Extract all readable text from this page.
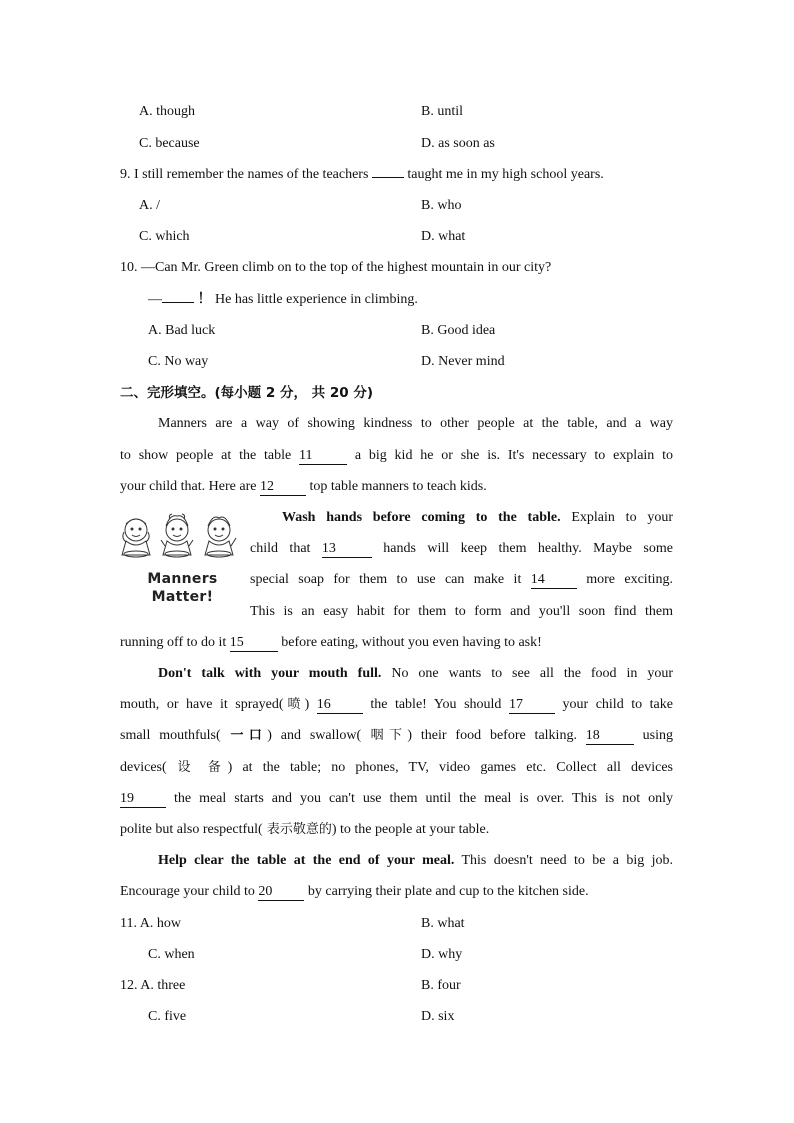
A. though	B. until
C. because	D. as soon as
9. I still remember the names of the teachers  taught me in my high school years.
A. /	B. who
C. which	D. what
10. —Can Mr. Green climb on to the top of the highest mountain in our city?
— ！ He has little experience in climbing.
A. Bad luck	B. Good idea
C. No way	D. Never mind
二、完形填空。(每小题 2 分， 共 20 分)
Manners are a way of showing kindness to other people at the table, and a way
to show people at the table 11 a big kid he or she is. It's necessary to explain to
your child that. Here are 12 top table manners to teach kids.
Manners
Matter!
Wash hands before coming to the table. Explain to your
child that 13	hands will keep them healthy. Maybe some
special soap for them to use can make it 14 more exciting.
This is an easy habit for them to form and you'll soon find them
running off to do it 15 before eating, without you even having to ask!
Don't talk with your mouth full. No one wants to see all the food in your
mouth, or have it sprayed(喷) 16 the table! You should 17 your child to take
small mouthfuls( 一口) and swallow( 咽下) their food before talking. 18 using
devices( 设 备) at the table; no phones, TV, video games etc. Collect all devices
19 the meal starts and you can't use them until the meal is over. This is not only
polite but also respectful( 表示敬意的) to the people at your table.
Help clear the table at the end of your meal. This doesn't need to be a big job.
Encourage your child to 20 by carrying their plate and cup to the kitchen side.
11. A. how	B. what
C. when	D. why
12. A. three	B. four
C. five	D. six
